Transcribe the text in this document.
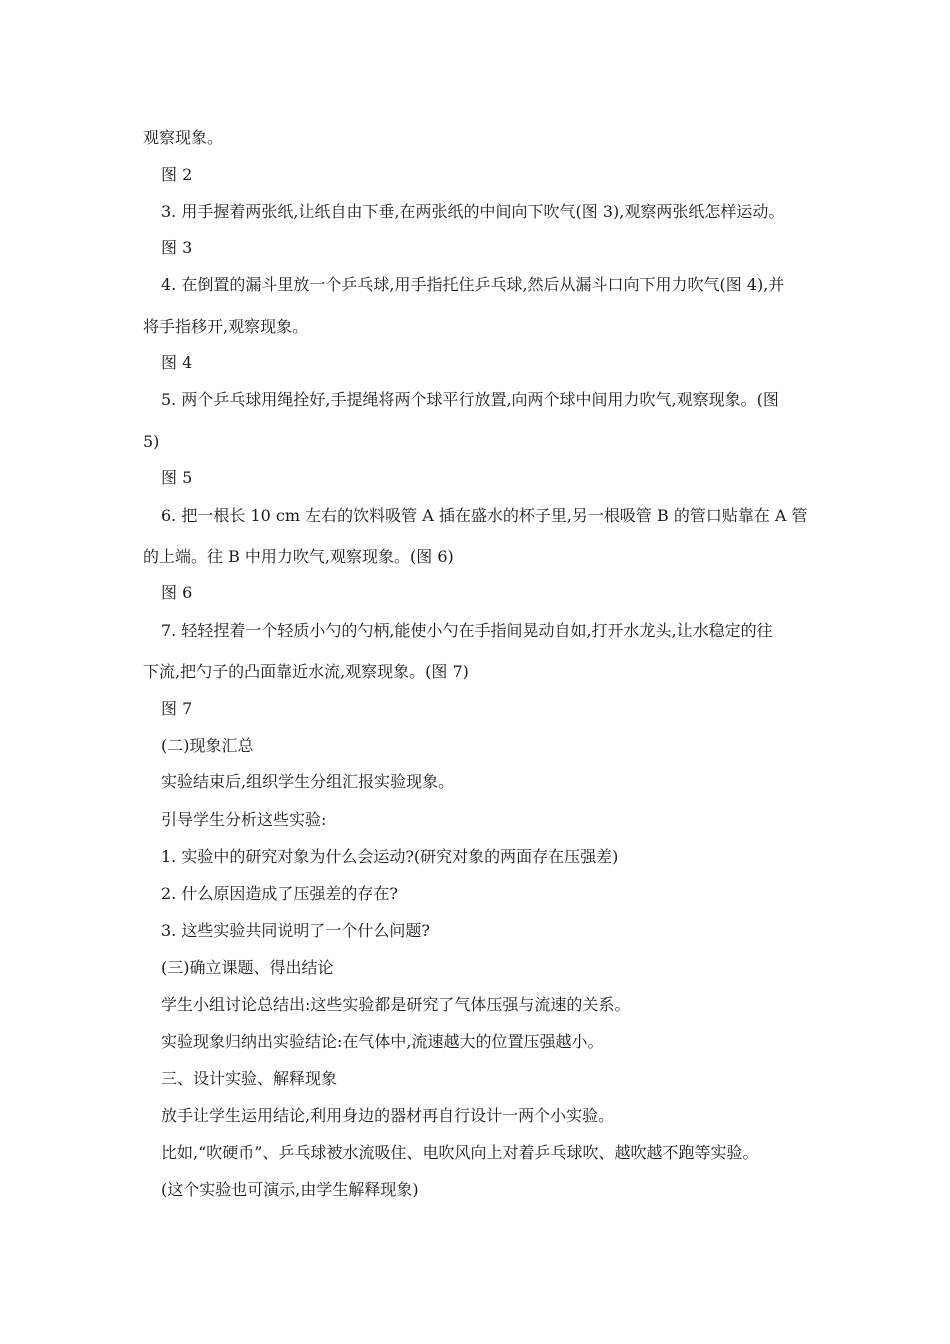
观察现象。
图 2
3. 用手握着两张纸,让纸自由下垂,在两张纸的中间向下吹气(图 3),观察两张纸怎样运动。
图 3
4. 在倒置的漏斗里放一个乒乓球,用手指托住乒乓球,然后从漏斗口向下用力吹气(图 4),并
将手指移开,观察现象。
图 4
5. 两个乒乓球用绳拴好,手提绳将两个球平行放置,向两个球中间用力吹气,观察现象。(图
5)
图 5
6. 把一根长 10 cm 左右的饮料吸管 A 插在盛水的杯子里,另一根吸管 B 的管口贴靠在 A 管
的上端。往 B 中用力吹气,观察现象。(图 6)
图 6
7. 轻轻捏着一个轻质小勺的勺柄,能使小勺在手指间晃动自如,打开水龙头,让水稳定的往
下流,把勺子的凸面靠近水流,观察现象。(图 7)
图 7
(二)现象汇总
实验结束后,组织学生分组汇报实验现象。
引导学生分析这些实验:
1. 实验中的研究对象为什么会运动?(研究对象的两面存在压强差)
2. 什么原因造成了压强差的存在?
3. 这些实验共同说明了一个什么问题?
(三)确立课题、得出结论
学生小组讨论总结出:这些实验都是研究了气体压强与流速的关系。
实验现象归纳出实验结论:在气体中,流速越大的位置压强越小。
三、设计实验、解释现象
放手让学生运用结论,利用身边的器材再自行设计一两个小实验。
比如,“吹硬币”、乒乓球被水流吸住、电吹风向上对着乒乓球吹、越吹越不跑等实验。
(这个实验也可演示,由学生解释现象)
